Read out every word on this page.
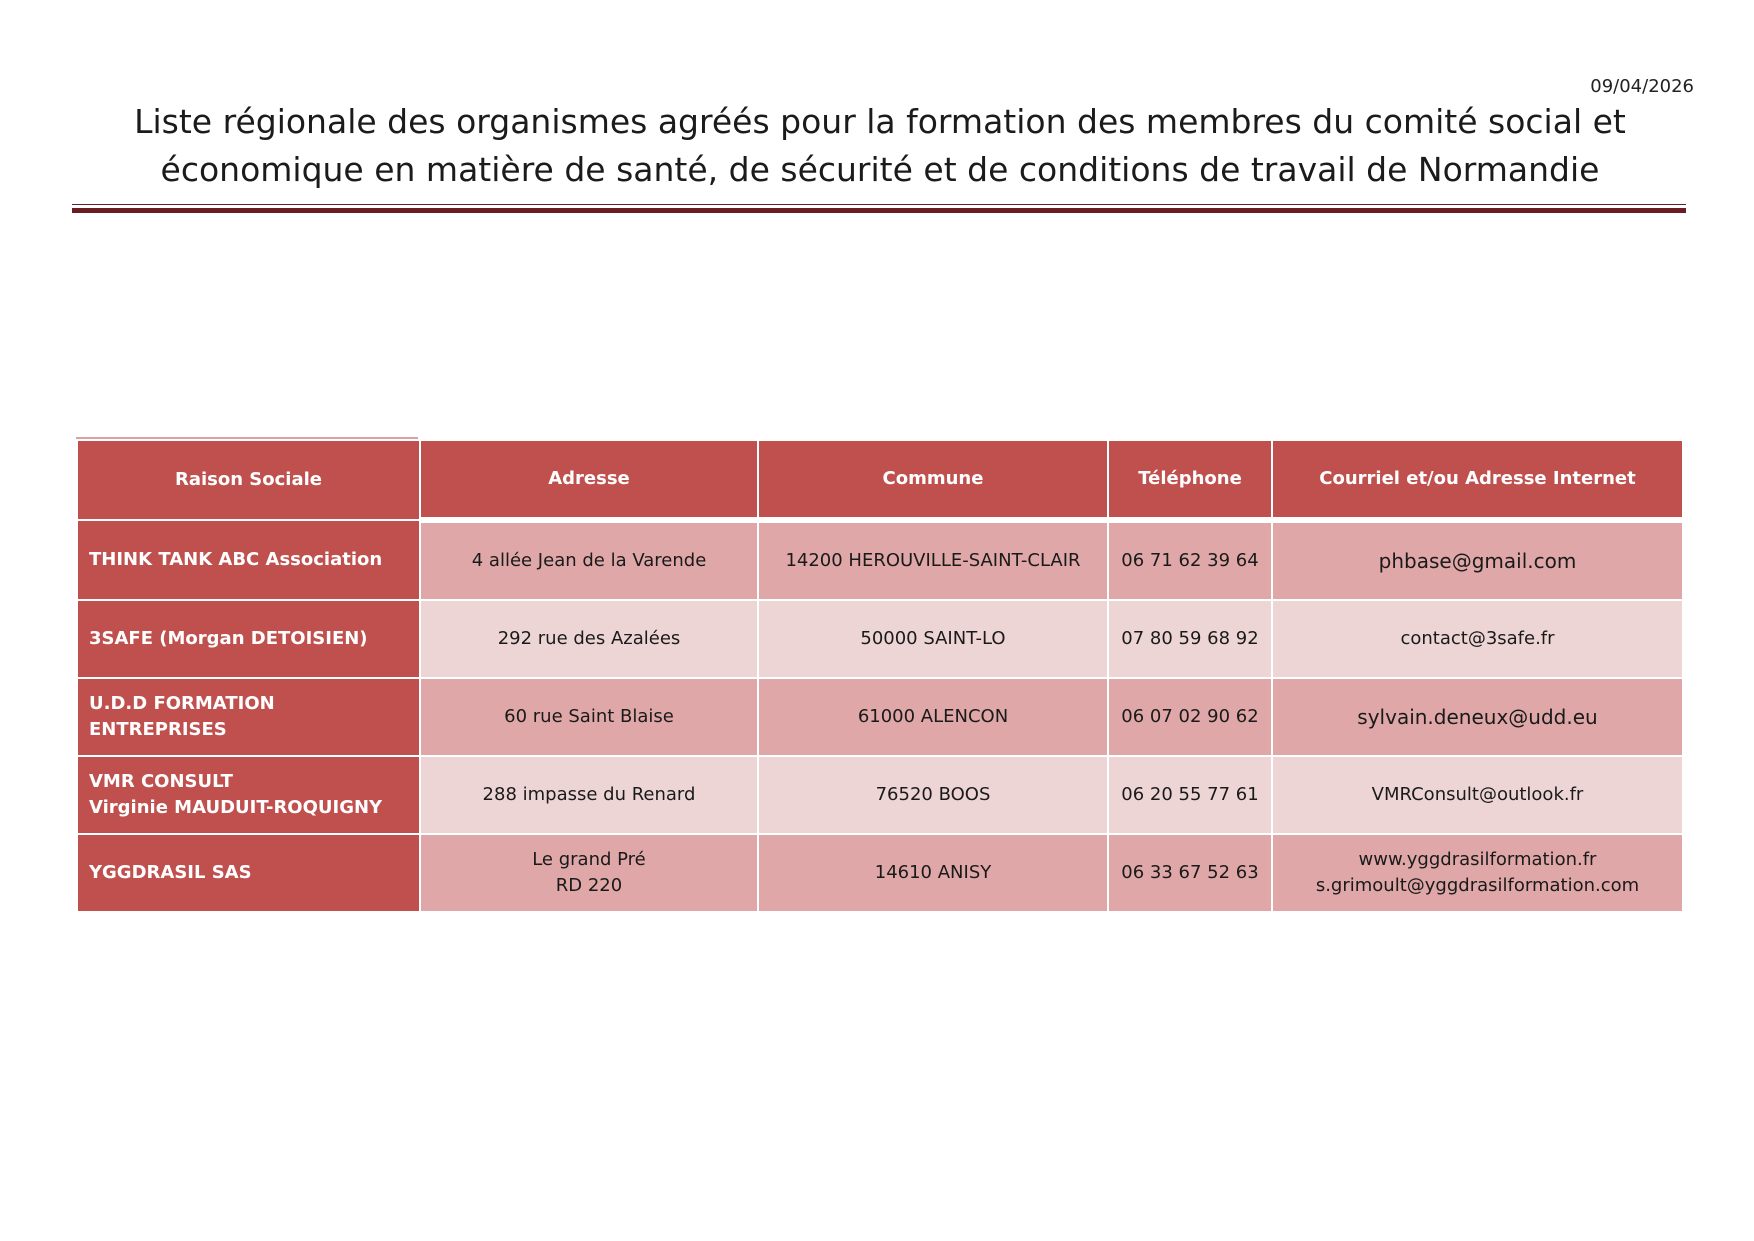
09/04/2026
Liste régionale des organismes agréés pour la formation des membres du comité social et
économique en matière de santé, de sécurité et de conditions de travail de Normandie
Raison Sociale	Adresse	Commune	Téléphone	Courriel et/ou Adresse Internet

THINK TANK ABC Association	4 allée Jean de la Varende	14200 HEROUVILLE-SAINT-CLAIR	06 71 62 39 64	phbase@gmail.com

3SAFE (Morgan DETOISIEN)	292 rue des Azalées	50000 SAINT-LO	07 80 59 68 92	contact@3safe.fr

U.D.D FORMATION ENTREPRISES	60 rue Saint Blaise	61000 ALENCON	06 07 02 90 62	sylvain.deneux@udd.eu

VMR CONSULT
Virginie MAUDUIT-ROQUIGNY	288 impasse du Renard	76520 BOOS	06 20 55 77 61	VMRConsult@outlook.fr

YGGDRASIL SAS	Le grand Pré
RD 220	14610 ANISY	06 33 67 52 63	www.yggdrasilformation.fr
s.grimoult@yggdrasilformation.com
